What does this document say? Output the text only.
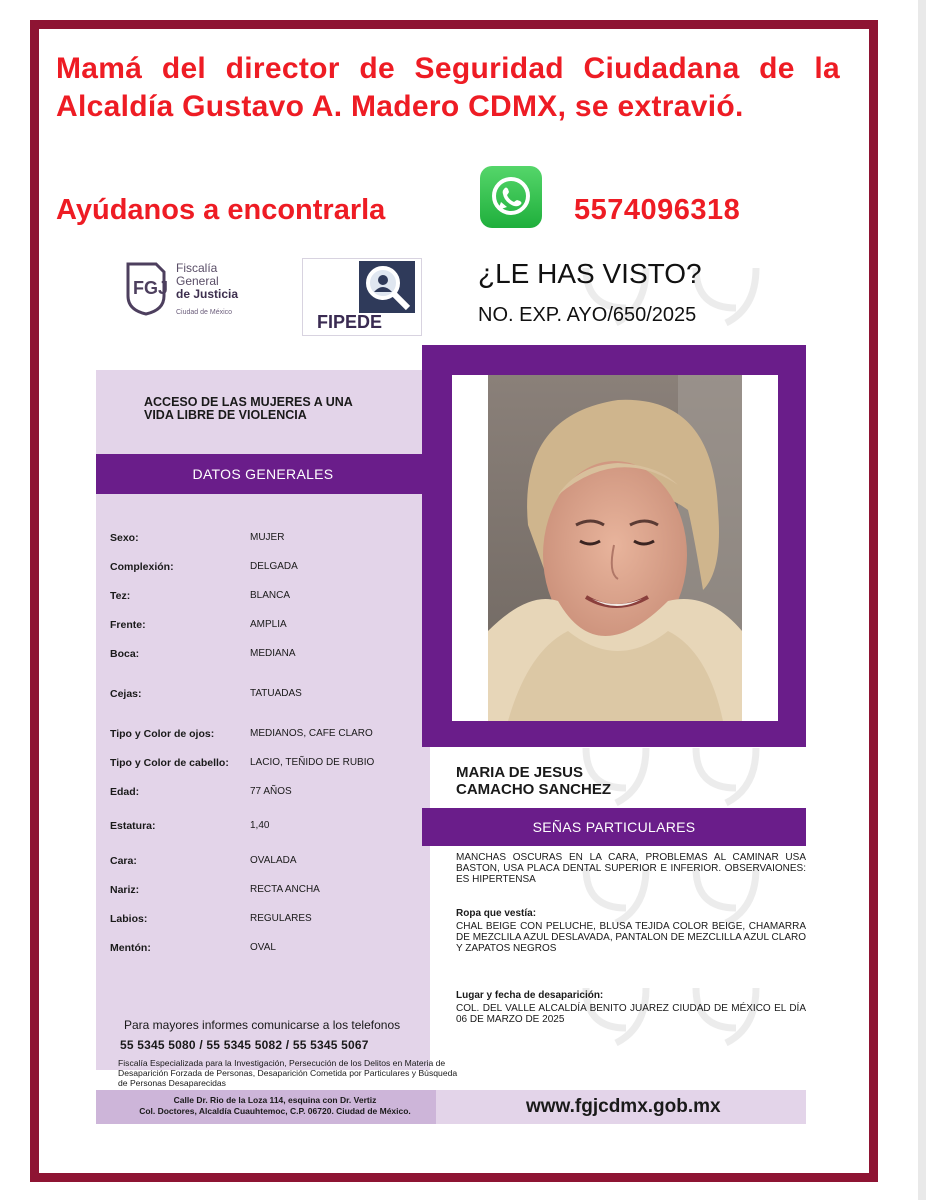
Mamá del director de Seguridad Ciudadana de la Alcaldía Gustavo A. Madero CDMX, se extravió.
Ayúdanos a encontrarla	5574096318
FGJ
Fiscalía
General
de Justicia
Ciudad de México	FIPEDE
¿LE HAS VISTO?
NO. EXP. AYO/650/2025
ACCESO DE LAS MUJERES A UNA VIDA LIBRE DE VIOLENCIA
DATOS GENERALES
Sexo:	MUJER
Complexión:	DELGADA
Tez:	BLANCA
Frente:	AMPLIA
Boca:	MEDIANA
Cejas:	TATUADAS
Tipo y Color de ojos:	MEDIANOS, CAFE CLARO
Tipo y Color de cabello: LACIO, TEÑIDO DE RUBIO
Edad:	77 AÑOS
Estatura:	1,40
Cara:	OVALADA
Nariz:	RECTA ANCHA
Labios:	REGULARES
Mentón:	OVAL
Para mayores informes comunicarse a los telefonos
55 5345 5080 / 55 5345 5082 / 55 5345 5067
Fiscalía Especializada para la Investigación, Persecución de los Delitos en Materia de Desaparición Forzada de Personas, Desaparición Cometida por Particulares y Búsqueda de Personas Desaparecidas
Calle Dr. Rio de la Loza 114, esquina con Dr. Vertiz
Col. Doctores, Alcaldía Cuauhtemoc, C.P. 06720. Ciudad de México.	www.fgjcdmx.gob.mx
MARIA DE JESUS
CAMACHO SANCHEZ
SEÑAS PARTICULARES
MANCHAS OSCURAS EN LA CARA, PROBLEMAS AL CAMINAR USA BASTON, USA PLACA DENTAL SUPERIOR E INFERIOR. OBSERVAIONES: ES HIPERTENSA
Ropa que vestía:
CHAL BEIGE CON PELUCHE, BLUSA TEJIDA COLOR BEIGE, CHAMARRA DE MEZCLILA AZUL DESLAVADA, PANTALON DE MEZCLILLA AZUL CLARO Y ZAPATOS NEGROS
Lugar y fecha de desaparición:
COL. DEL VALLE ALCALDÍA BENITO JUAREZ CIUDAD DE MÉXICO EL DÍA 06 DE MARZO DE 2025
